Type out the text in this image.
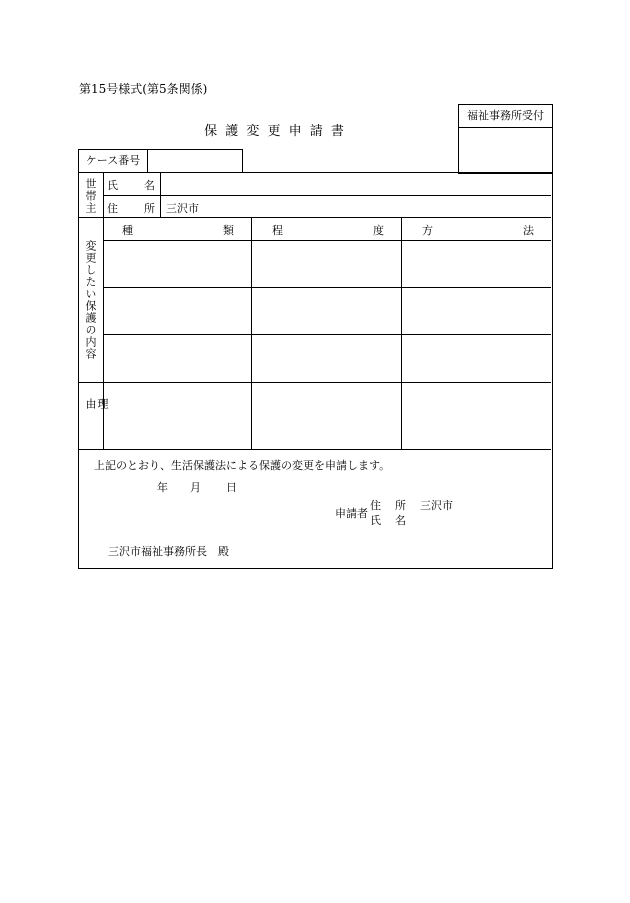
第15号様式(第5条関係)
福祉事務所受付
保 護 変 更 申 請 書
ケース番号
世帯主 氏　名
住　所 三沢市
変更したい保護の内容
種　類	程　度	方　法
理　由
上記のとおり、生活保護法による保護の変更を申請します。
年 月 日
申請者
住　所 三沢市
氏　名
三沢市福祉事務所長　殿
